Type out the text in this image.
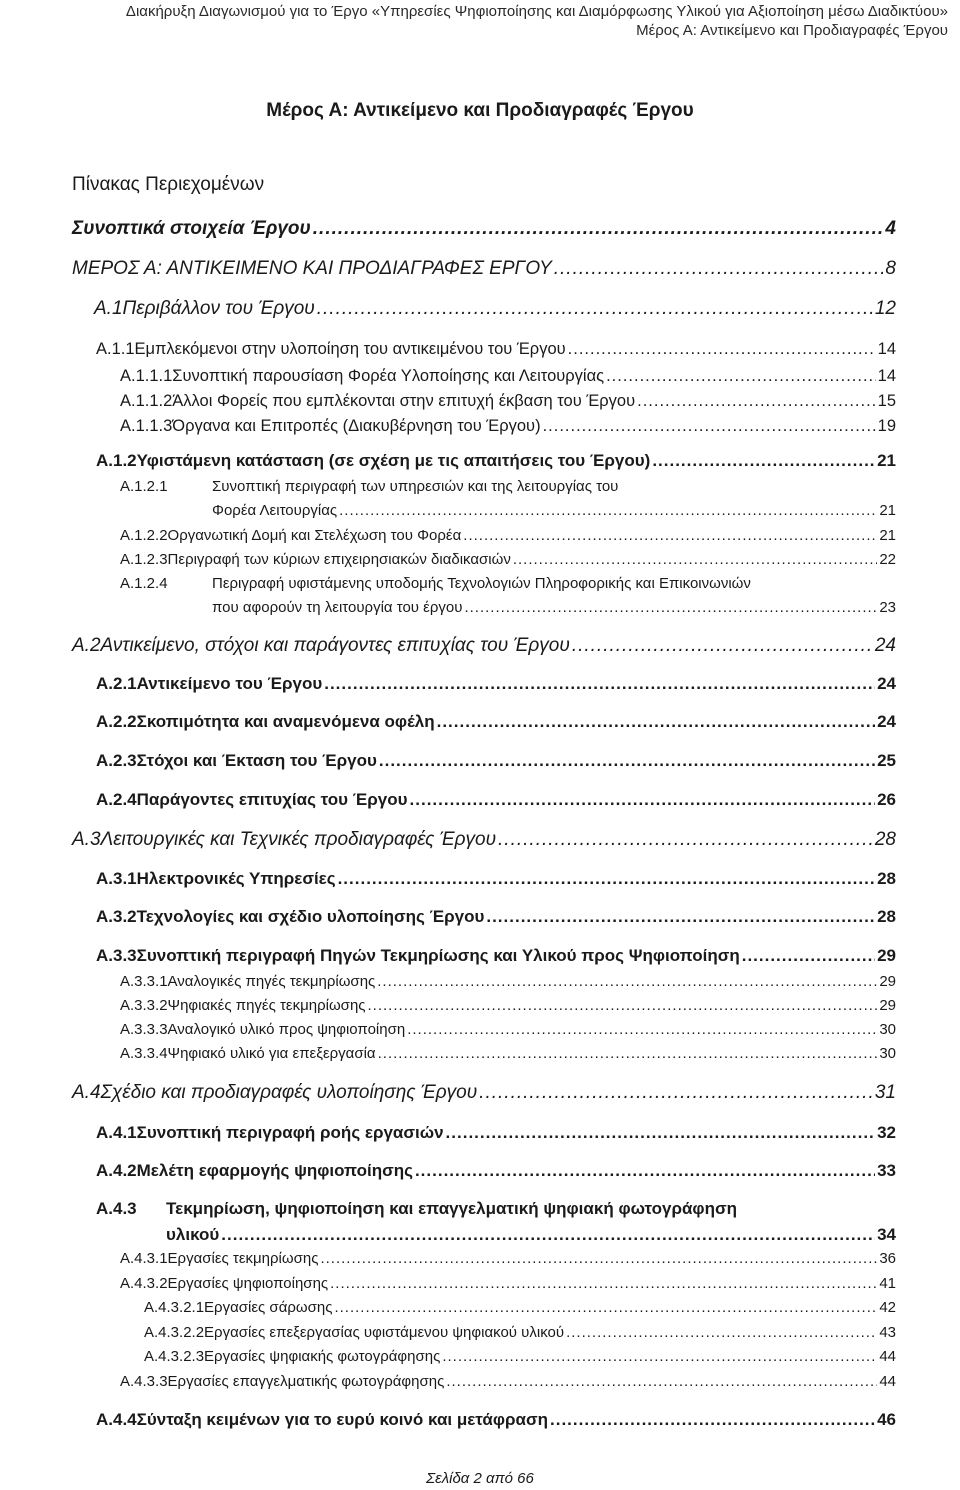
Διακήρυξη Διαγωνισμού για το Έργο «Υπηρεσίες Ψηφιοποίησης και Διαμόρφωσης Υλικού για Αξιοποίηση μέσω Διαδικτύου»
Μέρος Α: Αντικείμενο και Προδιαγραφές Έργου
Μέρος Α: Αντικείμενο και Προδιαγραφές Έργου
Πίνακας Περιεχομένων
Συνοπτικά στοιχεία Έργου .....	4
ΜΕΡΟΣ Α: ΑΝΤΙΚΕΙΜΕΝΟ ΚΑΙ ΠΡΟΔΙΑΓΡΑΦΕΣ ΕΡΓΟΥ .....	8
Α.1 Περιβάλλον του Έργου .....	12
Α.1.1 Εμπλεκόμενοι στην υλοποίηση του αντικειμένου του Έργου .....	14
Α.1.1.1 Συνοπτική παρουσίαση Φορέα Υλοποίησης και Λειτουργίας .....	14
Α.1.1.2 Άλλοι Φορείς που εμπλέκονται στην επιτυχή έκβαση του Έργου .....	15
Α.1.1.3 Όργανα και Επιτροπές (Διακυβέρνηση του Έργου) .....	19
Α.1.2 Υφιστάμενη κατάσταση (σε σχέση με τις απαιτήσεις του Έργου) .....	21
Α.1.2.1	Συνοπτική περιγραφή των υπηρεσιών και της λειτουργίας του
Φορέα Λειτουργίας .....	21
Α.1.2.2 Οργανωτική Δομή και Στελέχωση του Φορέα .....	21
Α.1.2.3 Περιγραφή των κύριων επιχειρησιακών διαδικασιών .....	22
Α.1.2.4	Περιγραφή υφιστάμενης υποδομής Τεχνολογιών Πληροφορικής και Επικοινωνιών
που αφορούν τη λειτουργία του έργου .....	23
Α.2 Αντικείμενο, στόχοι και παράγοντες επιτυχίας του Έργου .....	24
Α.2.1 Αντικείμενο του Έργου .....	24
Α.2.2 Σκοπιμότητα και αναμενόμενα οφέλη .....	24
Α.2.3 Στόχοι και Έκταση του Έργου .....	25
Α.2.4 Παράγοντες επιτυχίας του Έργου .....	26
Α.3 Λειτουργικές και Τεχνικές προδιαγραφές Έργου .....	28
Α.3.1 Ηλεκτρονικές Υπηρεσίες .....	28
Α.3.2 Τεχνολογίες και σχέδιο υλοποίησης Έργου .....	28
Α.3.3 Συνοπτική περιγραφή Πηγών Τεκμηρίωσης και Υλικού προς Ψηφιοποίηση .....	29
Α.3.3.1 Αναλογικές πηγές τεκμηρίωσης .....	29
Α.3.3.2 Ψηφιακές πηγές τεκμηρίωσης .....	29
Α.3.3.3 Αναλογικό υλικό προς ψηφιοποίηση .....	30
Α.3.3.4 Ψηφιακό υλικό για επεξεργασία .....	30
Α.4 Σχέδιο και προδιαγραφές υλοποίησης Έργου .....	31
Α.4.1 Συνοπτική περιγραφή ροής εργασιών .....	32
Α.4.2 Μελέτη εφαρμογής ψηφιοποίησης .....	33
Α.4.3	Τεκμηρίωση, ψηφιοποίηση και επαγγελματική ψηφιακή φωτογράφηση
υλικού .....	34
Α.4.3.1 Εργασίες τεκμηρίωσης .....	36
Α.4.3.2 Εργασίες ψηφιοποίησης .....	41
Α.4.3.2.1 Εργασίες σάρωσης .....	42
Α.4.3.2.2 Εργασίες επεξεργασίας υφιστάμενου ψηφιακού υλικού .....	43
Α.4.3.2.3 Εργασίες ψηφιακής φωτογράφησης .....	44
Α.4.3.3 Εργασίες επαγγελματικής φωτογράφησης .....	44
Α.4.4 Σύνταξη κειμένων για το ευρύ κοινό και μετάφραση .....	46
Σελίδα 2 από 66
